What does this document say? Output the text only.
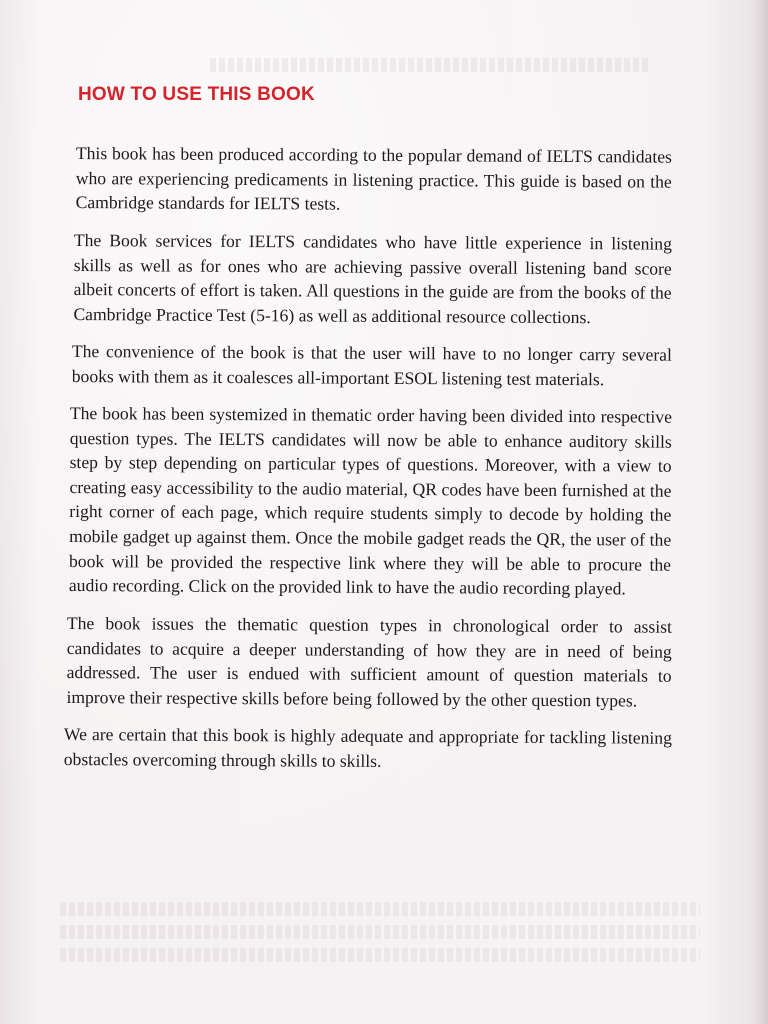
HOW TO USE THIS BOOK

This book has been produced according to the popular demand of IELTS candidates who are experiencing predicaments in listening practice. This guide is based on the Cambridge standards for IELTS tests.

The Book services for IELTS candidates who have little experience in listening skills as well as for ones who are achieving passive overall listening band score albeit concerts of effort is taken. All questions in the guide are from the books of the Cambridge Practice Test (5-16) as well as additional resource collections.

The convenience of the book is that the user will have to no longer carry several books with them as it coalesces all-important ESOL listening test materials.

The book has been systemized in thematic order having been divided into respective question types. The IELTS candidates will now be able to enhance auditory skills step by step depending on particular types of questions. Moreover, with a view to creating easy accessibility to the audio material, QR codes have been furnished at the right corner of each page, which require students simply to decode by holding the mobile gadget up against them. Once the mobile gadget reads the QR, the user of the book will be provided the respective link where they will be able to procure the audio recording. Click on the provided link to have the audio recording played.

The book issues the thematic question types in chronological order to assist candidates to acquire a deeper understanding of how they are in need of being addressed. The user is endued with sufficient amount of question materials to improve their respective skills before being followed by the other question types.

We are certain that this book is highly adequate and appropriate for tackling listening obstacles overcoming through skills to skills.
